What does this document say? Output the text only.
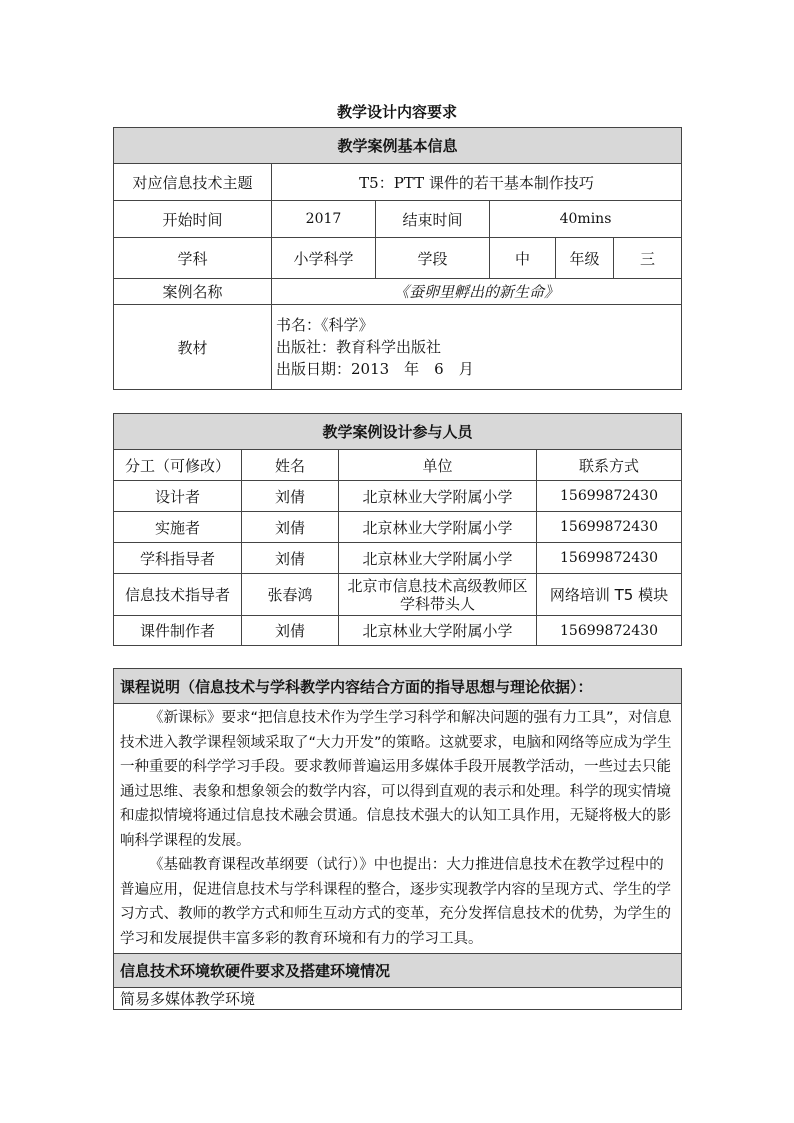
教学设计内容要求
教学案例基本信息					
对应信息技术主题	T5：PTT 课件的若干基本制作技巧				
开始时间	2017	结束时间	40mins		
学科	小学科学	学段	中	年级	三
案例名称	《蚕卵里孵出的新生命》				
教材	书名：《科学》
出版社：教育科学出版社
出版日期：2013　年　6　月				
教学案例设计参与人员			
分工（可修改）	姓名	单位	联系方式
设计者	刘倩	北京林业大学附属小学	15699872430
实施者	刘倩	北京林业大学附属小学	15699872430
学科指导者	刘倩	北京林业大学附属小学	15699872430
信息技术指导者	张春鸿	北京市信息技术高级教师区学科带头人	网络培训 T5 模块
课件制作者	刘倩	北京林业大学附属小学	15699872430
课程说明（信息技术与学科教学内容结合方面的指导思想与理论依据）：

《新课标》要求“把信息技术作为学生学习科学和解决问题的强有力工具”，对信息技术进入教学课程领域采取了“大力开发”的策略。这就要求，电脑和网络等应成为学生一种重要的科学学习手段。要求教师普遍运用多媒体手段开展教学活动，一些过去只能通过思维、表象和想象领会的数学内容，可以得到直观的表示和处理。科学的现实情境和虚拟情境将通过信息技术融会贯通。信息技术强大的认知工具作用，无疑将极大的影响科学课程的发展。

《基础教育课程改革纲要（试行）》中也提出：大力推进信息技术在教学过程中的普遍应用，促进信息技术与学科课程的整合，逐步实现教学内容的呈现方式、学生的学习方式、教师的教学方式和师生互动方式的变革，充分发挥信息技术的优势，为学生的学习和发展提供丰富多彩的教育环境和有力的学习工具。

信息技术环境软硬件要求及搭建环境情况
简易多媒体教学环境
